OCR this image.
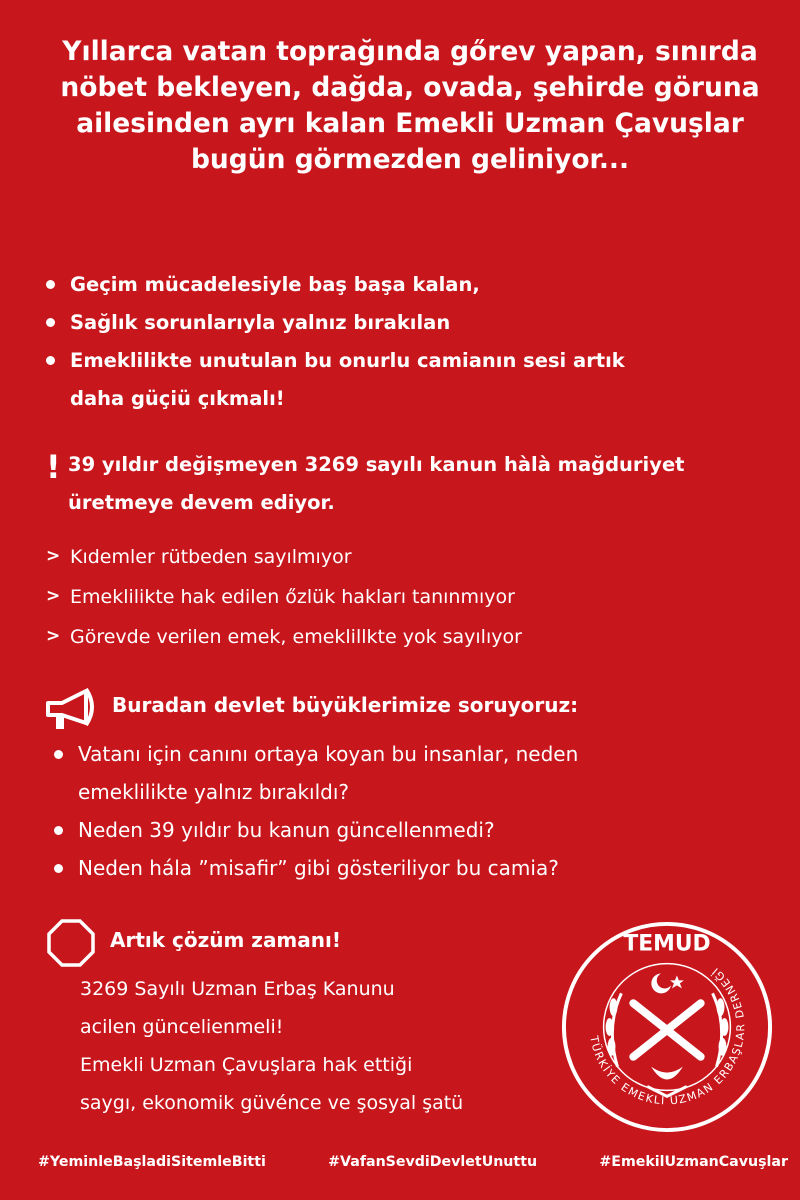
Yıllarca vatan toprağında gőrev yapan, sınırda
nöbet bekleyen, dağda, ovada, şehirde göruna
ailesinden ayrı kalan Emekli Uzman Çavuşlar
bugün görmezden geliniyor...
Geçim mücadelesiyle baş başa kalan,
Sağlık sorunlarıyla yalnız bırakılan
Emeklilikte unutulan bu onurlu camianın sesi artık
daha güçiü çıkmalı!
! 39 yıldır değişmeyen 3269 sayılı kanun hàlà mağduriyet
üretmeye devem ediyor.
> Kıdemler rütbeden sayılmıyor
> Emeklilikte hak edilen őzlük hakları tanınmıyor
> Görevde verilen emek, emeklillkte yok sayılıyor
Buradan devlet büyüklerimize soruyoruz:
Vatanı için canını ortaya koyan bu insanlar, neden
emeklilikte yalnız bırakıldı?
Neden 39 yıldır bu kanun güncellenmedi?
Neden hála ˮmisafirˮ gibi gösteriliyor bu camia?
Artık çözüm zamanı!
3269 Sayılı Uzman Erbaş Kanunu
acilen güncelienmeli!
Emekli Uzman Çavuşlara hak ettiği
saygı, ekonomik güvénce ve şosyal şatü
TEMUD
TÜRKİYE EMEKLİ UZMAN ERBAŞLAR DERNEĞİ
#YeminleBaşladiSitemleBitti	#VafanSevdiDevletUnuttu	#EmekilUzmanCavuşlar
